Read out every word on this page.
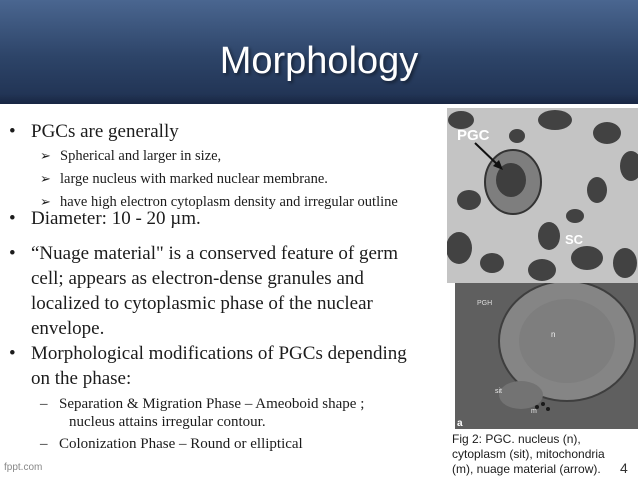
Morphology
• PGCs are generally
➢ Spherical and larger in size,
➢ large nucleus with marked nuclear membrane.
➢ have high electron cytoplasm density and irregular outline
• Diameter: 10 - 20 µm.
• “Nuage material" is a conserved feature of germ
cell; appears as electron-dense granules and
localized to cytoplasmic phase of the nuclear
envelope.
• Morphological modifications of PGCs depending
on the phase:
– Separation & Migration Phase – Ameoboid shape ;
nucleus attains irregular contour.
– Colonization Phase – Round or elliptical
PGC
SC
PGH
n
sit
m
a
Fig 2: PGC. nucleus (n),
cytoplasm (sit), mitochondria
(m), nuage material (arrow).
fppt.com	4
